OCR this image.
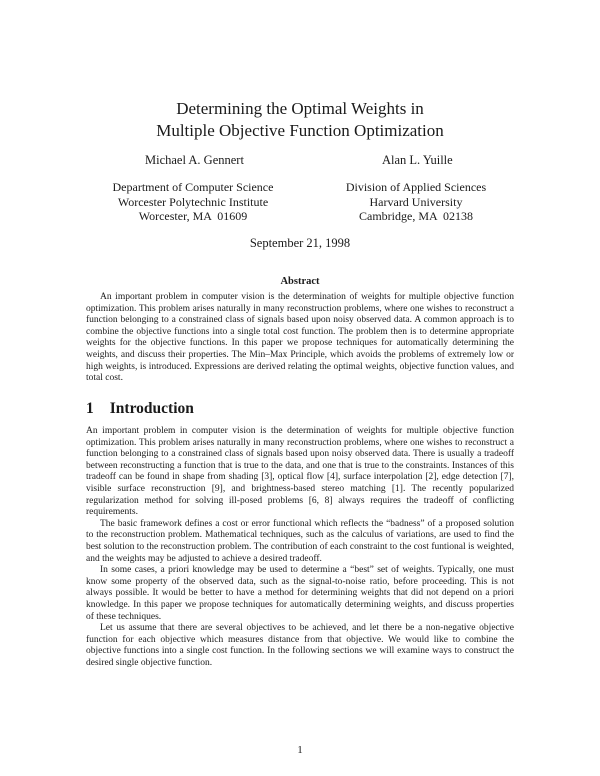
Determining the Optimal Weights in
Multiple Objective Function Optimization
Michael A. Gennert	Alan L. Yuille
Department of Computer Science
Worcester Polytechnic Institute
Worcester, MA  01609
Division of Applied Sciences
Harvard University
Cambridge, MA  02138
September 21, 1998
Abstract

An important problem in computer vision is the determination of weights for multiple objective function optimization. This problem arises naturally in many reconstruction problems, where one wishes to reconstruct a function belonging to a constrained class of signals based upon noisy observed data. A common approach is to combine the objective functions into a single total cost function. The problem then is to determine appropriate weights for the objective functions. In this paper we propose techniques for automatically determining the weights, and discuss their properties. The Min–Max Principle, which avoids the problems of extremely low or high weights, is introduced. Expressions are derived relating the optimal weights, objective function values, and total cost.

1 Introduction

An important problem in computer vision is the determination of weights for multiple objective function optimization. This problem arises naturally in many reconstruction problems, where one wishes to reconstruct a function belonging to a constrained class of signals based upon noisy observed data. There is usually a tradeoff between reconstructing a function that is true to the data, and one that is true to the constraints. Instances of this tradeoff can be found in shape from shading [3], optical flow [4], surface interpolation [2], edge detection [7], visible surface reconstruction [9], and brightness-based stereo matching [1]. The recently popularized regularization method for solving ill-posed problems [6, 8] always requires the tradeoff of conflicting requirements.

The basic framework defines a cost or error functional which reflects the “badness” of a proposed solution to the reconstruction problem. Mathematical techniques, such as the calculus of variations, are used to find the best solution to the reconstruction problem. The contribution of each constraint to the cost funtional is weighted, and the weights may be adjusted to achieve a desired tradeoff.

In some cases, a priori knowledge may be used to determine a “best” set of weights. Typically, one must know some property of the observed data, such as the signal-to-noise ratio, before proceeding. This is not always possible. It would be better to have a method for determining weights that did not depend on a priori knowledge. In this paper we propose techniques for automatically determining weights, and discuss properties of these techniques.

Let us assume that there are several objectives to be achieved, and let there be a non-negative objective function for each objective which measures distance from that objective. We would like to combine the objective functions into a single cost function. In the following sections we will examine ways to construct the desired single objective function.

1
